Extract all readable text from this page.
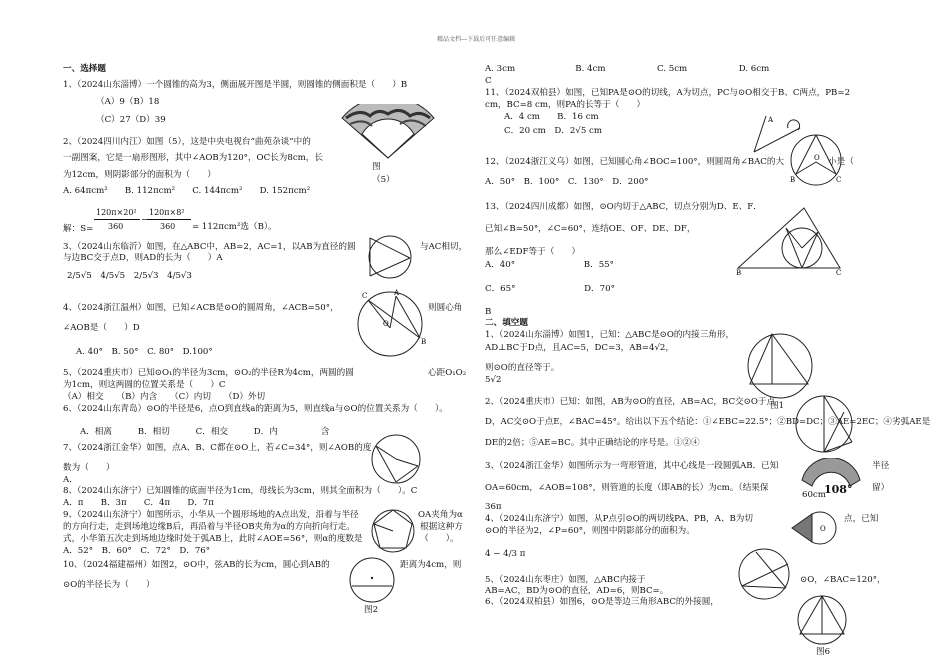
精品文档---下载后可任意编辑
一、选择题
1、（2024山东淄博）一个圆锥的高为3，侧面展开图是半圆，则圆锥的侧面积是（　　）B
（A）9（B）18
（C）27（D）39
2、（2024四川内江）如图（5），这是中央电视台“曲苑杂谈”中的
一副图案，它是一扇形图形，其中∠AOB为120°，OC长为8cm，长
为12cm，则阴影部分的面积为（　　）
A. 64πcm²　　B. 112πcm²　　C. 144πcm²　　D. 152πcm²
解：S=
120π×20²
360
−
120π×8²
360 = 112πcm²选（B）。
图
（5）
3、（2024山东临沂）如图，在△ABC中，AB=2，AC=1，以AB为直径的圆	与AC相切，
与边BC交于点D，则AD的长为（　　）A
2/5√5　4/5√5　2/5√3　4/5√3
4、（2024浙江温州）如图，已知∠ACB是⊙O的圆周角，∠ACB=50°，	则圆心角
∠AOB是（　　）D
A. 40°　B. 50°　C. 80°　D.100°
C
B
O
A
5、（2024重庆市）已知⊙O₁的半径为3cm，⊙O₂的半径R为4cm，两圆的圆	心距O₁O₂
为1cm，则这两圆的位置关系是（　　）C
（A）相交　　（B）内含　　（C）内切　　（D）外切
6、（2024山东青岛）⊙O的半径是6，点O到直线a的距离为5，则直线a与⊙O的位置关系为（　　）。
A．相离　　　B．相切　　　C．相交　　　D．内　　　　　含
7、（2024浙江金华）如图，点A、B、C都在⊙O上，若∠C=34°，则∠AOB的度
数为（　　）
A．
8、（2024山东济宁）已知圆锥的底面半径为1cm，母线长为3cm，则其全面积为（　　）。C
A．π　　B．3π　　C．4π　　D．7π
9、（2024山东济宁）如图所示，小华从一个圆形场地的A点出发，沿着与半径	OA夹角为α
的方向行走，走到场地边缘B后，再沿着与半径OB夹角为α的方向折向行走。	根据这种方
式，小华第五次走到场地边缘时处于弧AB上，此时∠AOE=56°，则α的度数是	（　　）。
A．52°　B．60°　C．72°　D．76°
10、（2024福建福州）如图2，⊙O中，弦AB的长为cm，圆心到AB的	距离为4cm，则
⊙O的半径长为（　　）
图2
A. 3cm　　　　　　　B. 4cm　　　　　　C. 5cm　　　　　　D. 6cm
C
11、（2024双柏县）如图，已知PA是⊙O的切线，A为切点，PC与⊙O相交于B、C两点，PB=2
cm，BC=8 cm，则PA的长等于（　　）
A．4 cm　　B．16 cm
C．20 cm　D．2√5 cm
A
12、（2024浙江义乌）如图，已知圆心角∠BOC=100°，则圆周角∠BAC的大	小是（
A．50°　B．100°　C．130°　D．200°	B	C
O
13、（2024四川成都）如图，⊙O内切于△ABC，切点分别为D、E、F．
已知∠B=50°，∠C=60°，连结OE、OF、DE、DF，
那么∠EDF等于（　　）
A．40°　　　　　　　　B．55°
C．65°　　　　　　　　D．70°
B
B	C
二、填空题
1、（2024山东淄博）如图1，已知：△ABC是⊙O的内接三角形，
AD⊥BC于D点，且AC=5，DC=3，AB=4√2，
则⊙O的直径等于。
5√2
图1
2、（2024重庆市）已知：如图，AB为⊙O的直径，AB=AC，BC交⊙O于点
D，AC交⊙O于点E，∠BAC=45°。给出以下五个结论：①∠EBC=22.5°；②BD=DC；③AE=2EC；④劣弧AE是
DE的2倍；⑤AE=BC。其中正确结论的序号是。①②④
3、（2024浙江金华）如图所示为一弯形管道，其中心线是一段圆弧AB．已知	半径
OA=60cm，∠AOB=108°，则管道的长度（即AB的长）为cm。（结果保	留）
36π
60cm
108°
4、（2024山东济宁）如图，从P点引⊙O的两切线PA、PB，A、B为切	点，已知
⊙O的半径为2，∠P=60°，则图中阴影部分的面积为。
4 − 4/3 π
O
5、（2024山东枣庄）如图，△ABC内接于	⊙O，∠BAC=120°，
AB=AC，BD为⊙O的直径，AD=6，则BC=。
6、（2024双柏县）如图6，⊙O是等边三角形ABC的外接圆，
图6
